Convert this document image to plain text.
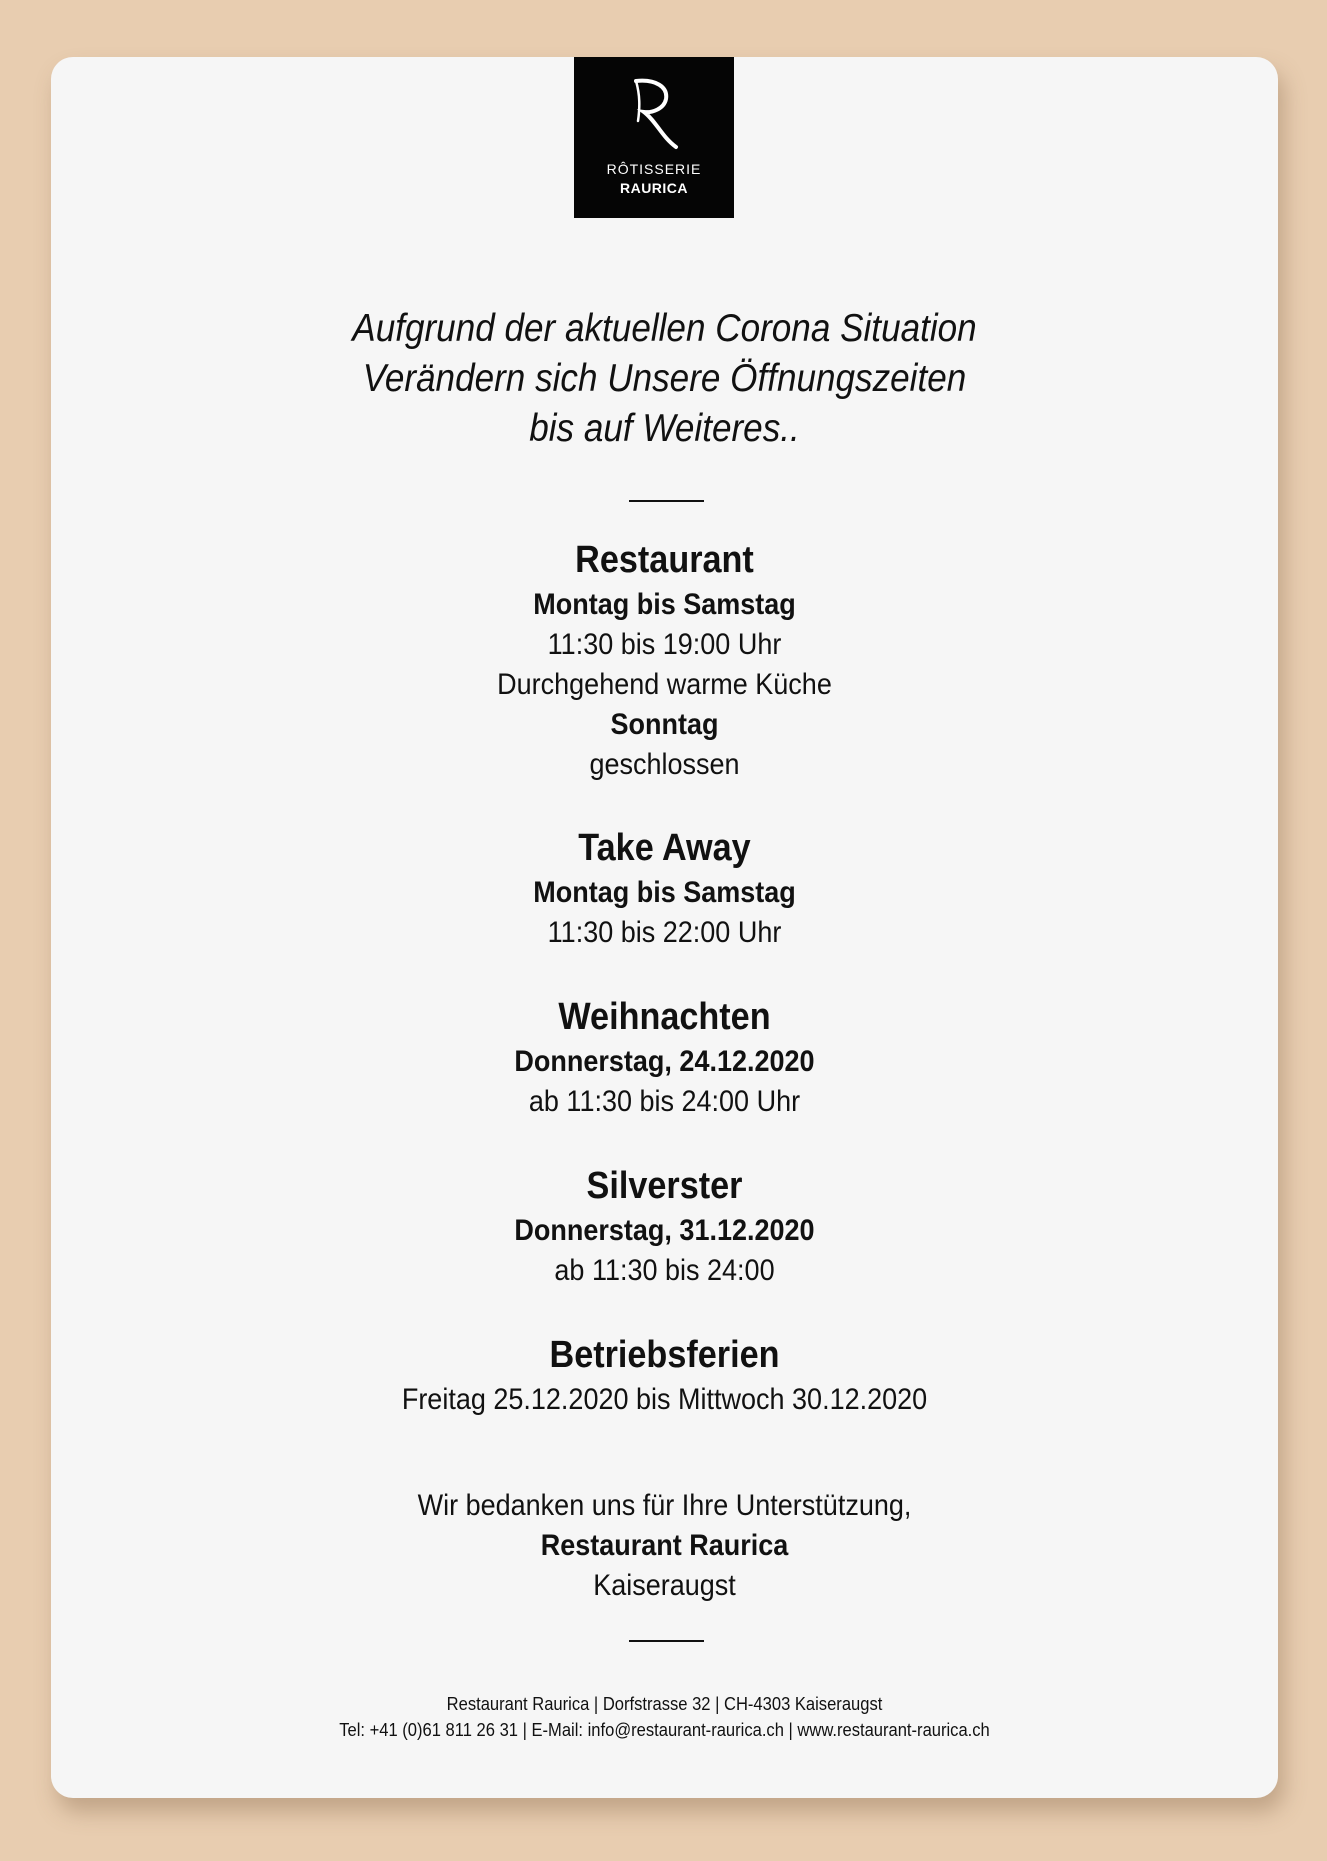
RÔTISSERIE
RAURICA
Aufgrund der aktuellen Corona Situation
Verändern sich Unsere Öffnungszeiten
bis auf Weiteres..
Restaurant
Montag bis Samstag
11:30 bis 19:00 Uhr
Durchgehend warme Küche
Sonntag
geschlossen
Take Away
Montag bis Samstag
11:30 bis 22:00 Uhr
Weihnachten
Donnerstag, 24.12.2020
ab 11:30 bis 24:00 Uhr
Silverster
Donnerstag, 31.12.2020
ab 11:30 bis 24:00
Betriebsferien
Freitag 25.12.2020 bis Mittwoch 30.12.2020
Wir bedanken uns für Ihre Unterstützung,
Restaurant Raurica
Kaiseraugst
Restaurant Raurica | Dorfstrasse 32 | CH-4303 Kaiseraugst
Tel: +41 (0)61 811 26 31 | E-Mail: info@restaurant-raurica.ch | www.restaurant-raurica.ch
